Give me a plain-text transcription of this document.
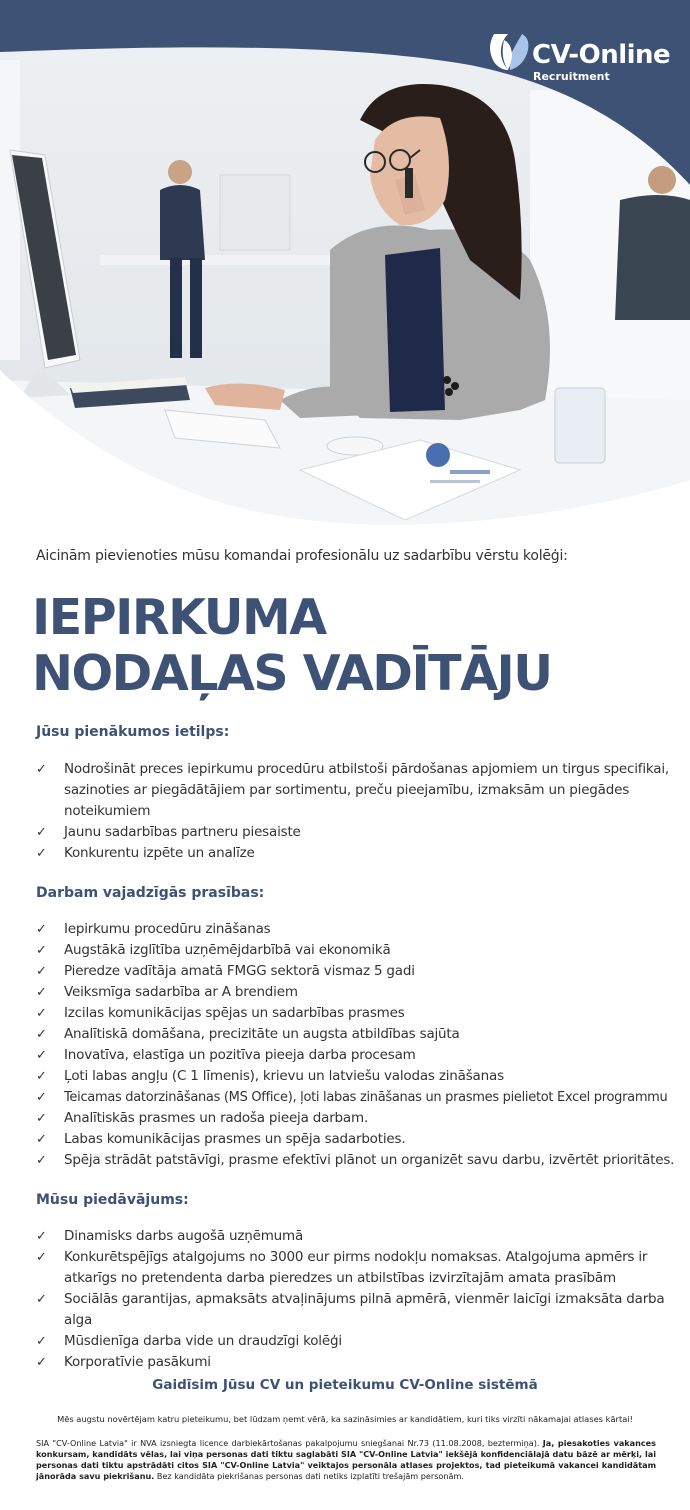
CV-Online
Recruitment
Aicinām pievienoties mūsu komandai profesionālu uz sadarbību vērstu kolēģi:
IEPIRKUMA
NODAĻAS VADĪTĀJU
Jūsu pienākumos ietilps:
✓ Nodrošināt preces iepirkumu procedūru atbilstoši pārdošanas apjomiem un tirgus specifikai, sazinoties ar piegādātājiem par sortimentu, preču pieejamību, izmaksām un piegādes noteikumiem
✓ Jaunu sadarbības partneru piesaiste
✓ Konkurentu izpēte un analīze
Darbam vajadzīgās prasības:
✓ Iepirkumu procedūru zināšanas
✓ Augstākā izglītība uzņēmējdarbībā vai ekonomikā
✓ Pieredze vadītāja amatā FMGG sektorā vismaz 5 gadi
✓ Veiksmīga sadarbība ar A brendiem
✓ Izcilas komunikācijas spējas un sadarbības prasmes
✓ Analītiskā domāšana, precizitāte un augsta atbildības sajūta
✓ Inovatīva, elastīga un pozitīva pieeja darba procesam
✓ Ļoti labas angļu (C 1 līmenis), krievu un latviešu valodas zināšanas
✓ Teicamas datorzināšanas (MS Office), ļoti labas zināšanas un prasmes pielietot Excel programmu
✓ Analītiskās prasmes un radoša pieeja darbam.
✓ Labas komunikācijas prasmes un spēja sadarboties.
✓ Spēja strādāt patstāvīgi, prasme efektīvi plānot un organizēt savu darbu, izvērtēt prioritātes.
Mūsu piedāvājums:
✓ Dinamisks darbs augošā uzņēmumā
✓ Konkurētspējīgs atalgojums no 3000 eur pirms nodokļu nomaksas. Atalgojuma apmērs ir atkarīgs no pretendenta darba pieredzes un atbilstības izvirzītajām amata prasībām
✓ Sociālās garantijas, apmaksāts atvaļinājums pilnā apmērā, vienmēr laicīgi izmaksāta darba alga
✓ Mūsdienīga darba vide un draudzīgi kolēģi
✓ Korporatīvie pasākumi
Gaidīsim Jūsu CV un pieteikumu CV-Online sistēmā
Mēs augstu novērtējam katru pieteikumu, bet lūdzam ņemt vērā, ka sazināsimies ar kandidātiem, kuri tiks virzīti nākamajai atlases kārtai!
SIA "CV-Online Latvia" ir NVA izsniegta licence darbiekārtošanas pakalpojumu sniegšanai Nr.73 (11.08.2008, beztermiņa). Ja, piesakoties vakances konkursam, kandidāts vēlas, lai viņa personas dati tiktu saglabāti SIA "CV-Online Latvia" iekšējā konfidenciālajā datu bāzē ar mērķi, lai personas dati tiktu apstrādāti citos SIA "CV-Online Latvia" veiktajos personāla atlases projektos, tad pieteikumā vakancei kandidātam jānorāda savu piekrišanu. Bez kandidāta piekrišanas personas dati netiks izplatīti trešajām personām.
